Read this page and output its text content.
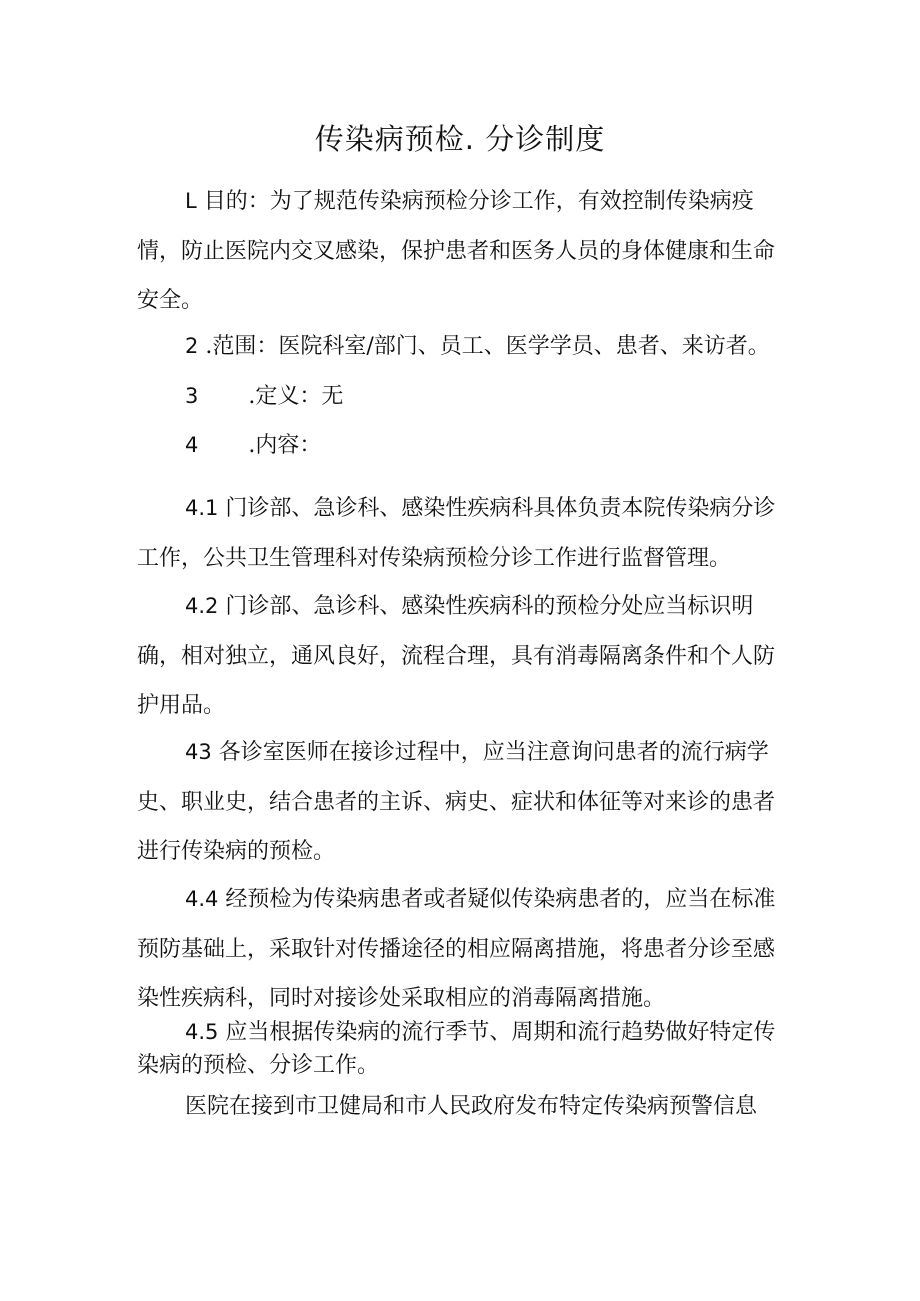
传染病预检. 分诊制度

L 目的：为了规范传染病预检分诊工作，有效控制传染病疫情，防止医院内交叉感染，保护患者和医务人员的身体健康和生命安全。

2 .范围：医院科室/部门、员工、医学学员、患者、来访者。

3 .定义：无

4 .内容：

4.1 门诊部、急诊科、感染性疾病科具体负责本院传染病分诊工作，公共卫生管理科对传染病预检分诊工作进行监督管理。

4.2 门诊部、急诊科、感染性疾病科的预检分处应当标识明确，相对独立，通风良好，流程合理，具有消毒隔离条件和个人防护用品。

43 各诊室医师在接诊过程中，应当注意询问患者的流行病学史、职业史，结合患者的主诉、病史、症状和体征等对来诊的患者进行传染病的预检。

4.4 经预检为传染病患者或者疑似传染病患者的，应当在标准预防基础上，采取针对传播途径的相应隔离措施，将患者分诊至感染性疾病科，同时对接诊处采取相应的消毒隔离措施。

4.5 应当根据传染病的流行季节、周期和流行趋势做好特定传染病的预检、分诊工作。

医院在接到市卫健局和市人民政府发布特定传染病预警信息
